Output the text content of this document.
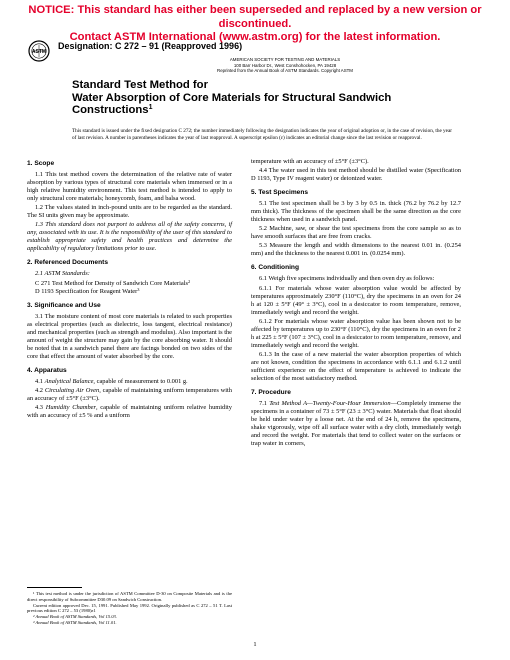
NOTICE: This standard has either been superseded and replaced by a new version or discontinued.
Contact ASTM International (www.astm.org) for the latest information.
ASTM
Designation: C 272 – 91 (Reapproved 1996)
AMERICAN SOCIETY FOR TESTING AND MATERIALS
100 Barr Harbor Dr., West Conshohocken, PA 19428
Reprinted from the Annual Book of ASTM Standards. Copyright ASTM
Standard Test Method for
Water Absorption of Core Materials for Structural Sandwich
Constructions$^1$
This standard is issued under the fixed designation C 272; the number immediately following the designation indicates the year of original adoption or, in the case of revision, the year of last revision. A number in parentheses indicates the year of last reapproval. A superscript epsilon (ε) indicates an editorial change since the last revision or reapproval.
1. Scope

1.1 This test method covers the determination of the relative rate of water absorption by various types of structural core materials when immersed or in a high relative humidity environment. This test method is intended to apply to only structural core materials; honeycomb, foam, and balsa wood.

1.2 The values stated in inch-pound units are to be regarded as the standard. The SI units given may be approximate.

1.3 This standard does not purport to address all of the safety concerns, if any, associated with its use. It is the responsibility of the user of this standard to establish appropriate safety and health practices and determine the applicability of regulatory limitations prior to use.

2. Referenced Documents

2.1 ASTM Standards:

C 271 Test Method for Density of Sandwich Core Materials$^2$

D 1193 Specification for Reagent Water$^3$

3. Significance and Use

3.1 The moisture content of most core materials is related to such properties as electrical properties (such as dielectric, loss tangent, electrical resistance) and mechanical properties (such as strength and modulus). Also important is the amount of weight the structure may gain by the core absorbing water. It should be noted that in a sandwich panel there are facings bonded on two sides of the core that effect the amount of water absorbed by the core.

4. Apparatus

4.1 Analytical Balance, capable of measurement to 0.001 g.

4.2 Circulating Air Oven, capable of maintaining uniform temperatures with an accuracy of ±5°F (±3°C).

4.3 Humidity Chamber, capable of maintaining uniform relative humidity with an accuracy of ±5 % and a uniform

¹ This test method is under the jurisdiction of ASTM Committee D-30 on Composite Materials and is the direct responsibility of Subcommittee D30.09 on Sandwich Construction.

Current edition approved Dec. 15, 1991. Published May 1992. Originally published as C 272 – 51 T. Last previous edition C 272 – 53 (1980)ε1

² Annual Book of ASTM Standards, Vol 15.03.

³ Annual Book of ASTM Standards, Vol 11.01.

temperature with an accuracy of ±5°F (±3°C).

4.4 The water used in this test method should be distilled water (Specification D 1193, Type IV reagent water) or deionized water.

5. Test Specimens

5.1 The test specimen shall be 3 by 3 by 0.5 in. thick (76.2 by 76.2 by 12.7 mm thick). The thickness of the specimen shall be the same direction as the core thickness when used in a sandwich panel.

5.2 Machine, saw, or shear the test specimens from the core sample so as to have smooth surfaces that are free from cracks.

5.3 Measure the length and width dimensions to the nearest 0.01 in. (0.254 mm) and the thickness to the nearest 0.001 in. (0.0254 mm).

6. Conditioning

6.1 Weigh five specimens individually and then oven dry as follows:

6.1.1 For materials whose water absorption value would be affected by temperatures approximately 230°F (110°C), dry the specimens in an oven for 24 h at 120 ± 5°F (49° ± 3°C), cool in a desiccator to room temperature, remove, immediately weigh and record the weight.

6.1.2 For materials whose water absorption value has been shown not to be affected by temperatures up to 230°F (110°C), dry the specimens in an oven for 2 h at 225 ± 5°F (107 ± 3°C), cool in a desiccator to room temperature, remove, and immediately weigh and record the weight.

6.1.3 In the case of a new material the water absorption properties of which are not known, condition the specimens in accordance with 6.1.1 and 6.1.2 until sufficient experience on the effect of temperature is achieved to indicate the selection of the most satisfactory method.

7. Procedure

7.1 Test Method A—Twenty-Four-Hour Immersion—Completely immerse the specimens in a container of 73 ± 5°F (23 ± 3°C) water. Materials that float should be held under water by a loose net. At the end of 24 h, remove the specimens, shake vigorously, wipe off all surface water with a dry cloth, immediately weigh and record the weight. For materials that tend to collect water on the surfaces or trap water in corners,

1
